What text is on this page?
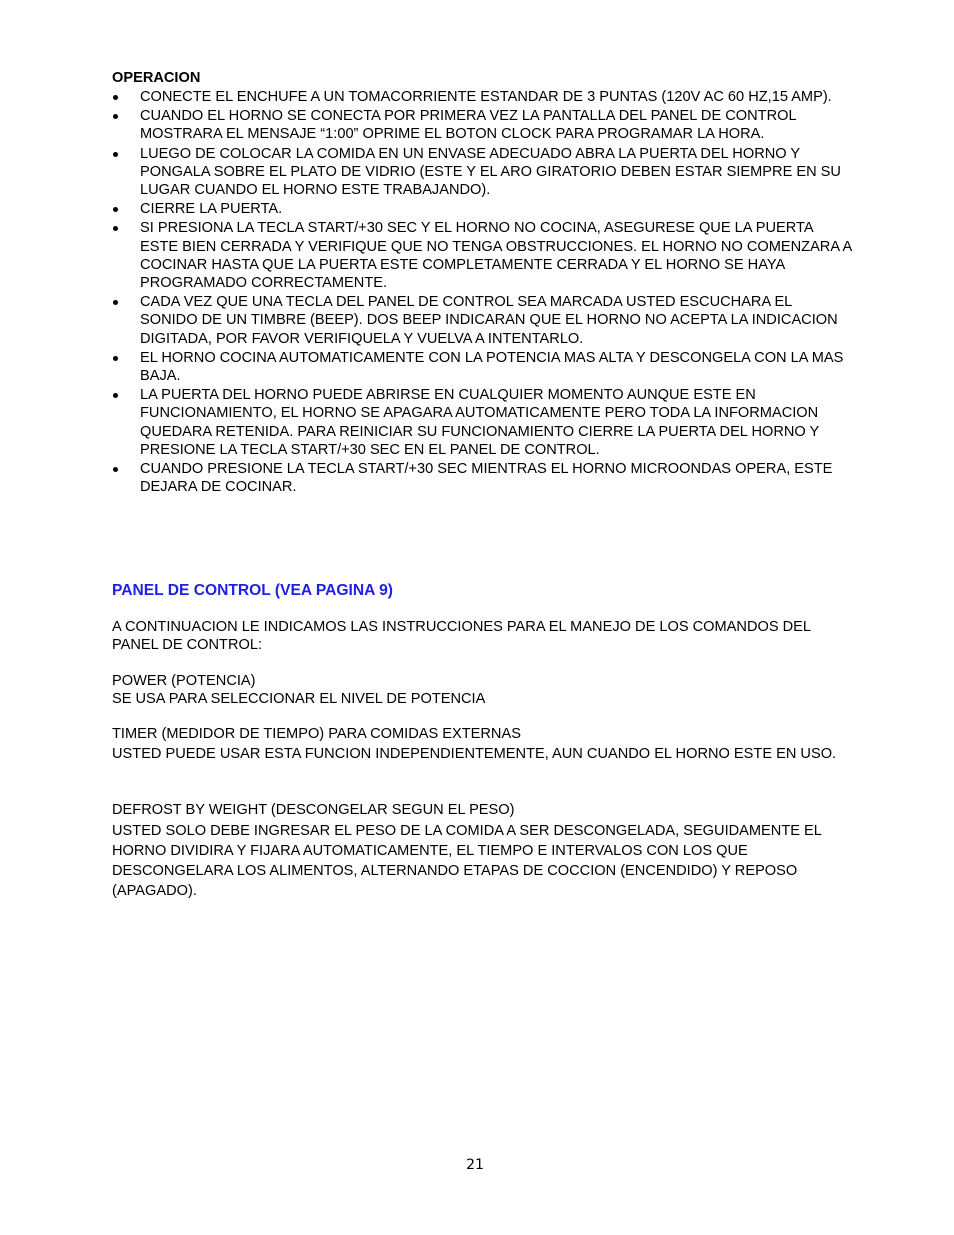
OPERACION
CONECTE EL ENCHUFE A UN TOMACORRIENTE ESTANDAR DE 3 PUNTAS (120V AC 60 HZ,15 AMP).
CUANDO EL HORNO SE CONECTA POR PRIMERA VEZ LA PANTALLA DEL PANEL DE CONTROL MOSTRARA EL MENSAJE “1:00” OPRIME EL BOTON CLOCK PARA PROGRAMAR LA HORA.
LUEGO DE COLOCAR LA COMIDA EN UN ENVASE ADECUADO ABRA LA PUERTA DEL HORNO Y PONGALA SOBRE EL PLATO DE VIDRIO (ESTE Y EL ARO GIRATORIO DEBEN ESTAR SIEMPRE EN SU LUGAR CUANDO EL HORNO ESTE TRABAJANDO).
CIERRE LA PUERTA.
SI PRESIONA LA TECLA START/+30 SEC Y EL HORNO NO COCINA, ASEGURESE QUE LA PUERTA ESTE BIEN CERRADA Y VERIFIQUE QUE NO TENGA OBSTRUCCIONES. EL HORNO NO COMENZARA A COCINAR HASTA QUE LA PUERTA ESTE COMPLETAMENTE CERRADA Y EL HORNO SE HAYA PROGRAMADO CORRECTAMENTE.
CADA VEZ QUE UNA TECLA DEL PANEL DE CONTROL SEA MARCADA USTED ESCUCHARA EL SONIDO DE UN TIMBRE (BEEP). DOS BEEP INDICARAN QUE EL HORNO NO ACEPTA LA INDICACION DIGITADA, POR FAVOR VERIFIQUELA Y VUELVA A INTENTARLO.
EL HORNO COCINA AUTOMATICAMENTE CON LA POTENCIA MAS ALTA Y DESCONGELA CON LA MAS BAJA.
LA PUERTA DEL HORNO PUEDE ABRIRSE EN CUALQUIER MOMENTO AUNQUE ESTE EN FUNCIONAMIENTO, EL HORNO SE APAGARA AUTOMATICAMENTE PERO TODA LA INFORMACION QUEDARA RETENIDA. PARA REINICIAR SU FUNCIONAMIENTO CIERRE LA PUERTA DEL HORNO Y PRESIONE LA TECLA START/+30 SEC EN EL PANEL DE CONTROL.
CUANDO PRESIONE LA TECLA START/+30 SEC MIENTRAS EL HORNO MICROONDAS OPERA, ESTE DEJARA DE COCINAR.
PANEL DE CONTROL (VEA PAGINA 9)

A CONTINUACION LE INDICAMOS LAS INSTRUCCIONES PARA EL MANEJO DE LOS COMANDOS DEL PANEL DE CONTROL:

POWER (POTENCIA)

SE USA PARA SELECCIONAR EL NIVEL DE POTENCIA

TIMER (MEDIDOR DE TIEMPO) PARA COMIDAS EXTERNAS

USTED PUEDE USAR ESTA FUNCION INDEPENDIENTEMENTE, AUN CUANDO EL HORNO ESTE EN USO.

DEFROST BY WEIGHT (DESCONGELAR SEGUN EL PESO)

USTED SOLO DEBE INGRESAR EL PESO DE LA COMIDA A SER DESCONGELADA, SEGUIDAMENTE EL HORNO DIVIDIRA Y FIJARA AUTOMATICAMENTE, EL TIEMPO E INTERVALOS CON LOS QUE DESCONGELARA LOS ALIMENTOS, ALTERNANDO ETAPAS DE COCCION (ENCENDIDO) Y REPOSO (APAGADO).

21
